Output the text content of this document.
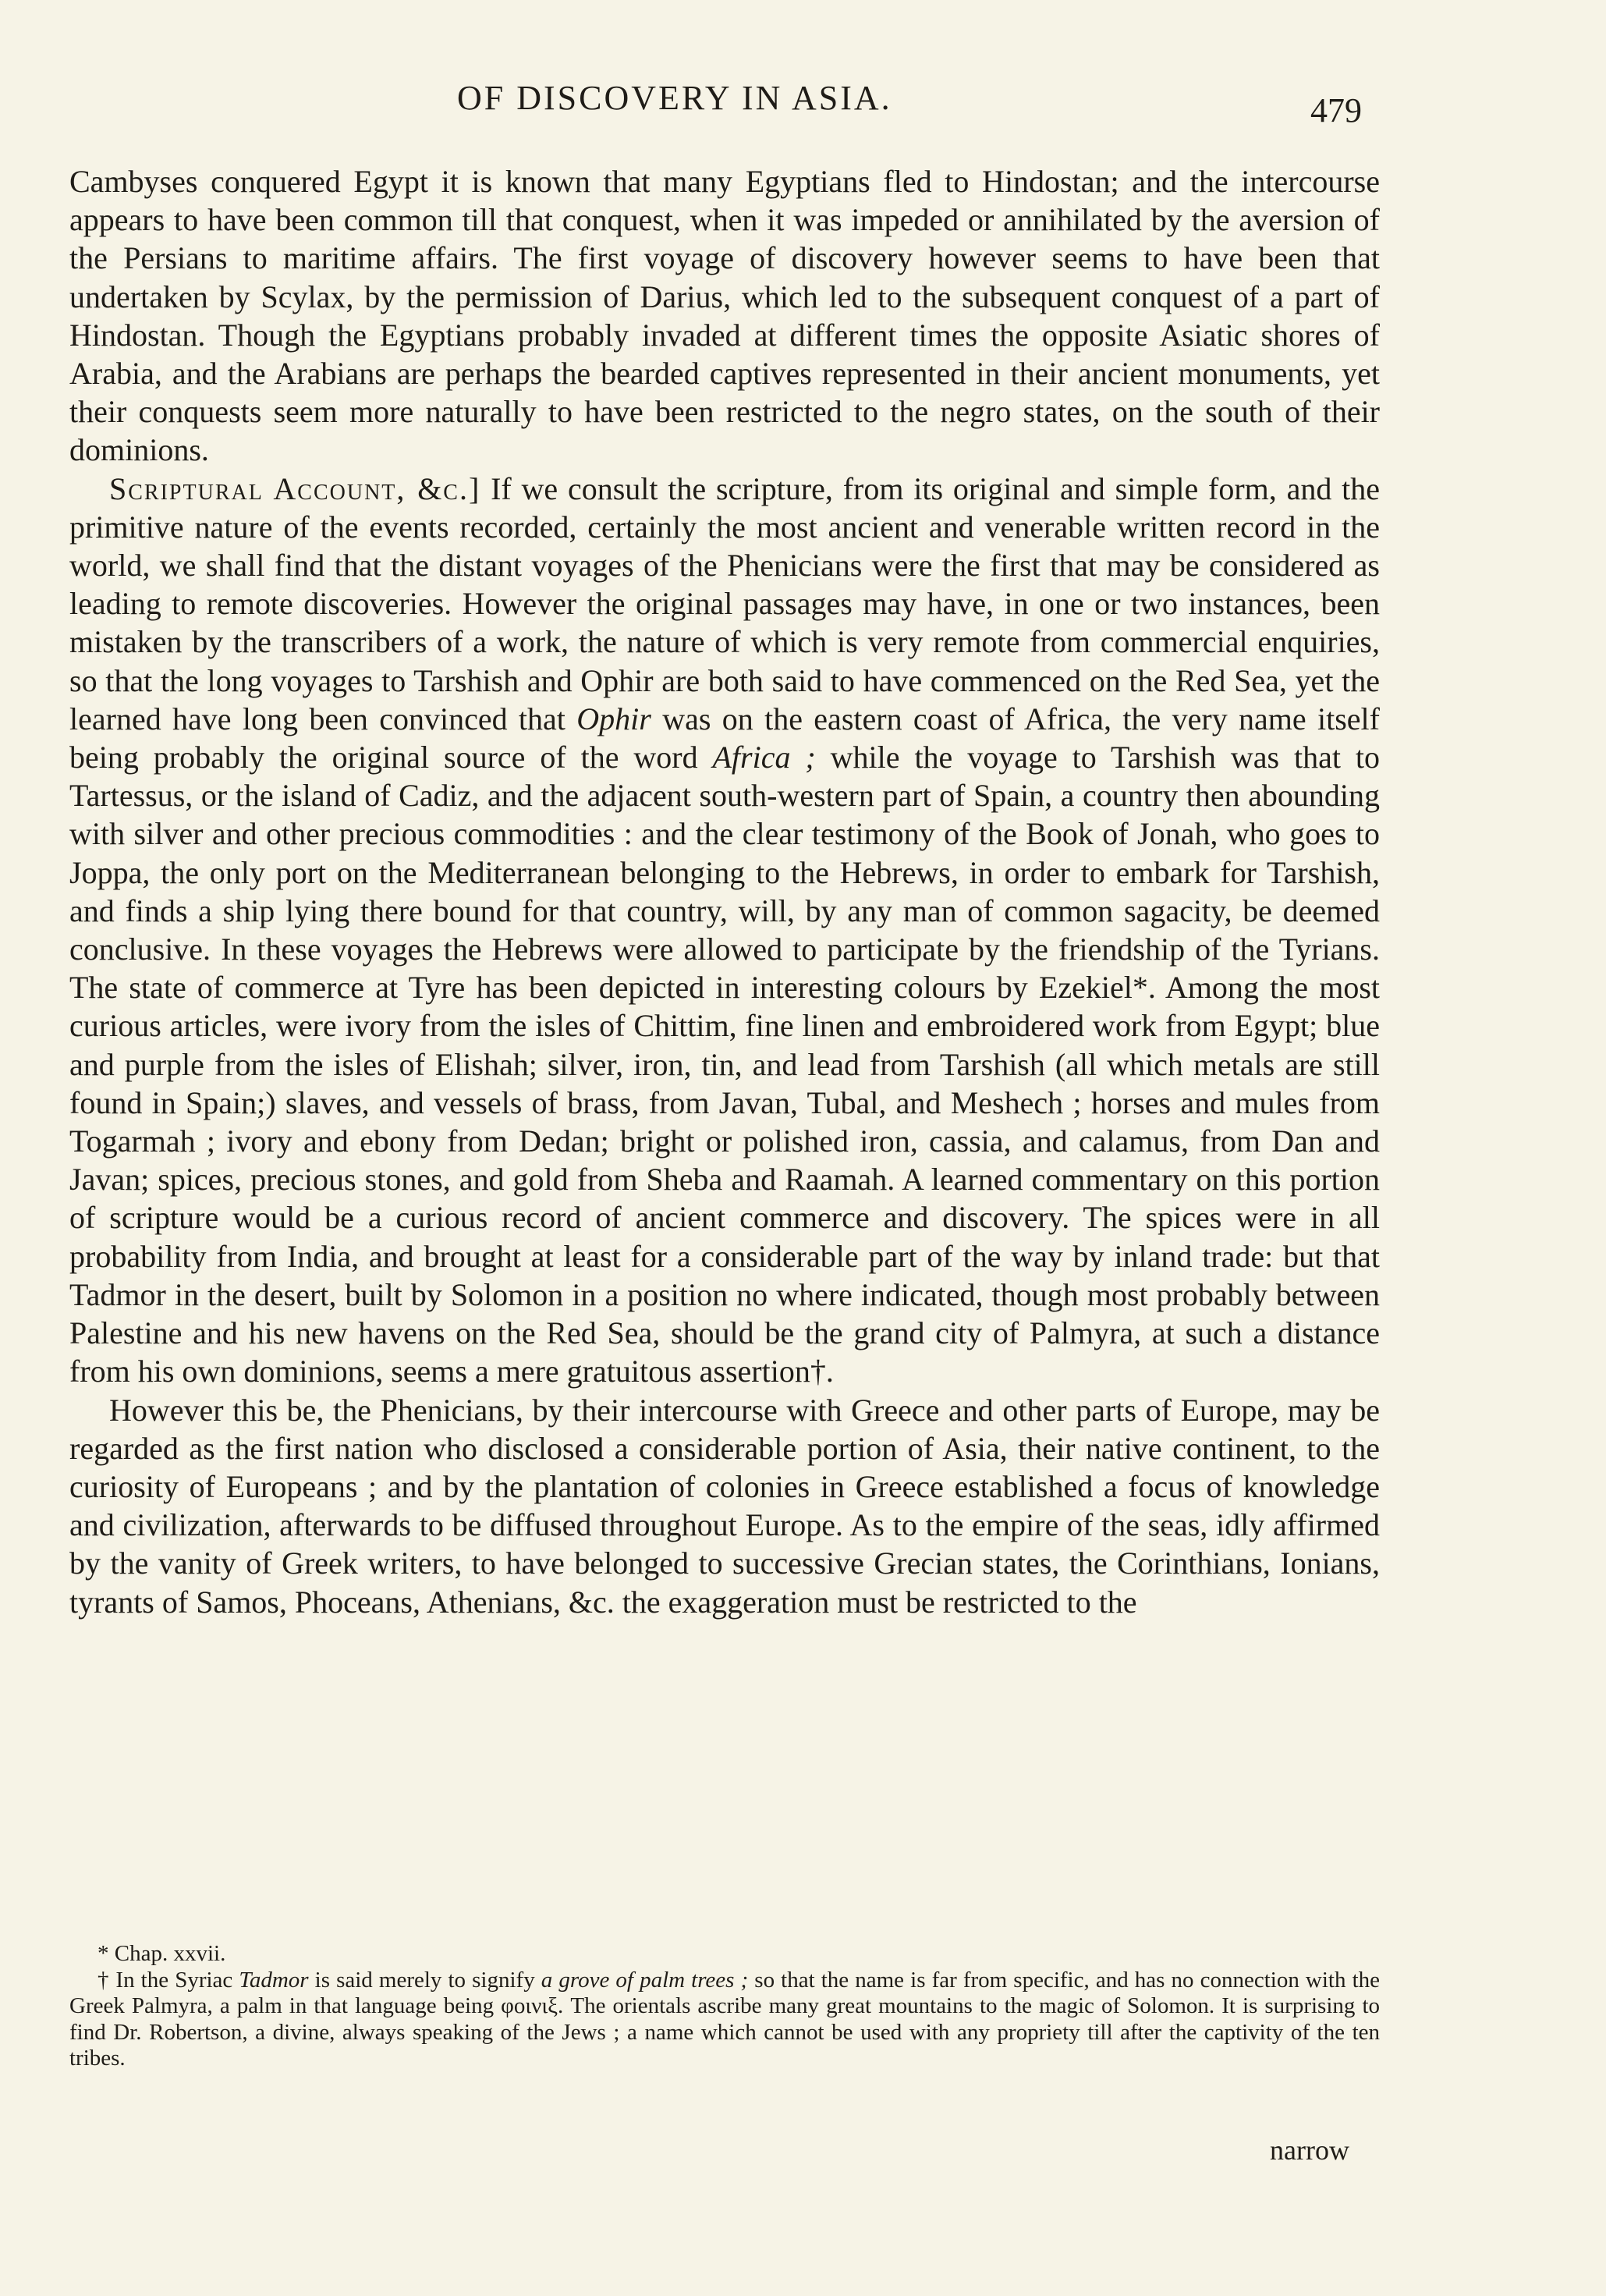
OF DISCOVERY IN ASIA.	479

Cambyses conquered Egypt it is known that many Egyptians fled to Hindostan; and the intercourse appears to have been common till that conquest, when it was impeded or annihilated by the aversion of the Persians to maritime affairs. The first voyage of discovery however seems to have been that undertaken by Scylax, by the permission of Darius, which led to the subsequent conquest of a part of Hindostan. Though the Egyptians probably invaded at different times the opposite Asiatic shores of Arabia, and the Arabians are perhaps the bearded captives represented in their ancient monuments, yet their conquests seem more naturally to have been restricted to the negro states, on the south of their dominions.

Scriptural Account, &c.] If we consult the scripture, from its original and simple form, and the primitive nature of the events recorded, certainly the most ancient and venerable written record in the world, we shall find that the distant voyages of the Phenicians were the first that may be considered as leading to remote discoveries. However the original passages may have, in one or two instances, been mistaken by the transcribers of a work, the nature of which is very remote from commercial enquiries, so that the long voyages to Tarshish and Ophir are both said to have commenced on the Red Sea, yet the learned have long been convinced that Ophir was on the eastern coast of Africa, the very name itself being probably the original source of the word Africa ; while the voyage to Tarshish was that to Tartessus, or the island of Cadiz, and the adjacent south-western part of Spain, a country then abounding with silver and other precious commodities : and the clear testimony of the Book of Jonah, who goes to Joppa, the only port on the Mediterranean belonging to the Hebrews, in order to embark for Tarshish, and finds a ship lying there bound for that country, will, by any man of common sagacity, be deemed conclusive. In these voyages the Hebrews were allowed to participate by the friendship of the Tyrians. The state of commerce at Tyre has been depicted in interesting colours by Ezekiel*. Among the most curious articles, were ivory from the isles of Chittim, fine linen and embroidered work from Egypt; blue and purple from the isles of Elishah; silver, iron, tin, and lead from Tarshish (all which metals are still found in Spain;) slaves, and vessels of brass, from Javan, Tubal, and Meshech ; horses and mules from Togarmah ; ivory and ebony from Dedan; bright or polished iron, cassia, and calamus, from Dan and Javan; spices, precious stones, and gold from Sheba and Raamah. A learned commentary on this portion of scripture would be a curious record of ancient commerce and discovery. The spices were in all probability from India, and brought at least for a considerable part of the way by inland trade: but that Tadmor in the desert, built by Solomon in a position no where indicated, though most probably between Palestine and his new havens on the Red Sea, should be the grand city of Palmyra, at such a distance from his own dominions, seems a mere gratuitous assertion†.

However this be, the Phenicians, by their intercourse with Greece and other parts of Europe, may be regarded as the first nation who disclosed a considerable portion of Asia, their native continent, to the curiosity of Europeans ; and by the plantation of colonies in Greece established a focus of knowledge and civilization, afterwards to be diffused throughout Europe. As to the empire of the seas, idly affirmed by the vanity of Greek writers, to have belonged to successive Grecian states, the Corinthians, Ionians, tyrants of Samos, Phoceans, Athenians, &c. the exaggeration must be restricted to the

* Chap. xxvii.

† In the Syriac Tadmor is said merely to signify a grove of palm trees ; so that the name is far from specific, and has no connection with the Greek Palmyra, a palm in that language being φοινιξ. The orientals ascribe many great mountains to the magic of Solomon. It is surprising to find Dr. Robertson, a divine, always speaking of the Jews ; a name which cannot be used with any propriety till after the captivity of the ten tribes.

narrow
